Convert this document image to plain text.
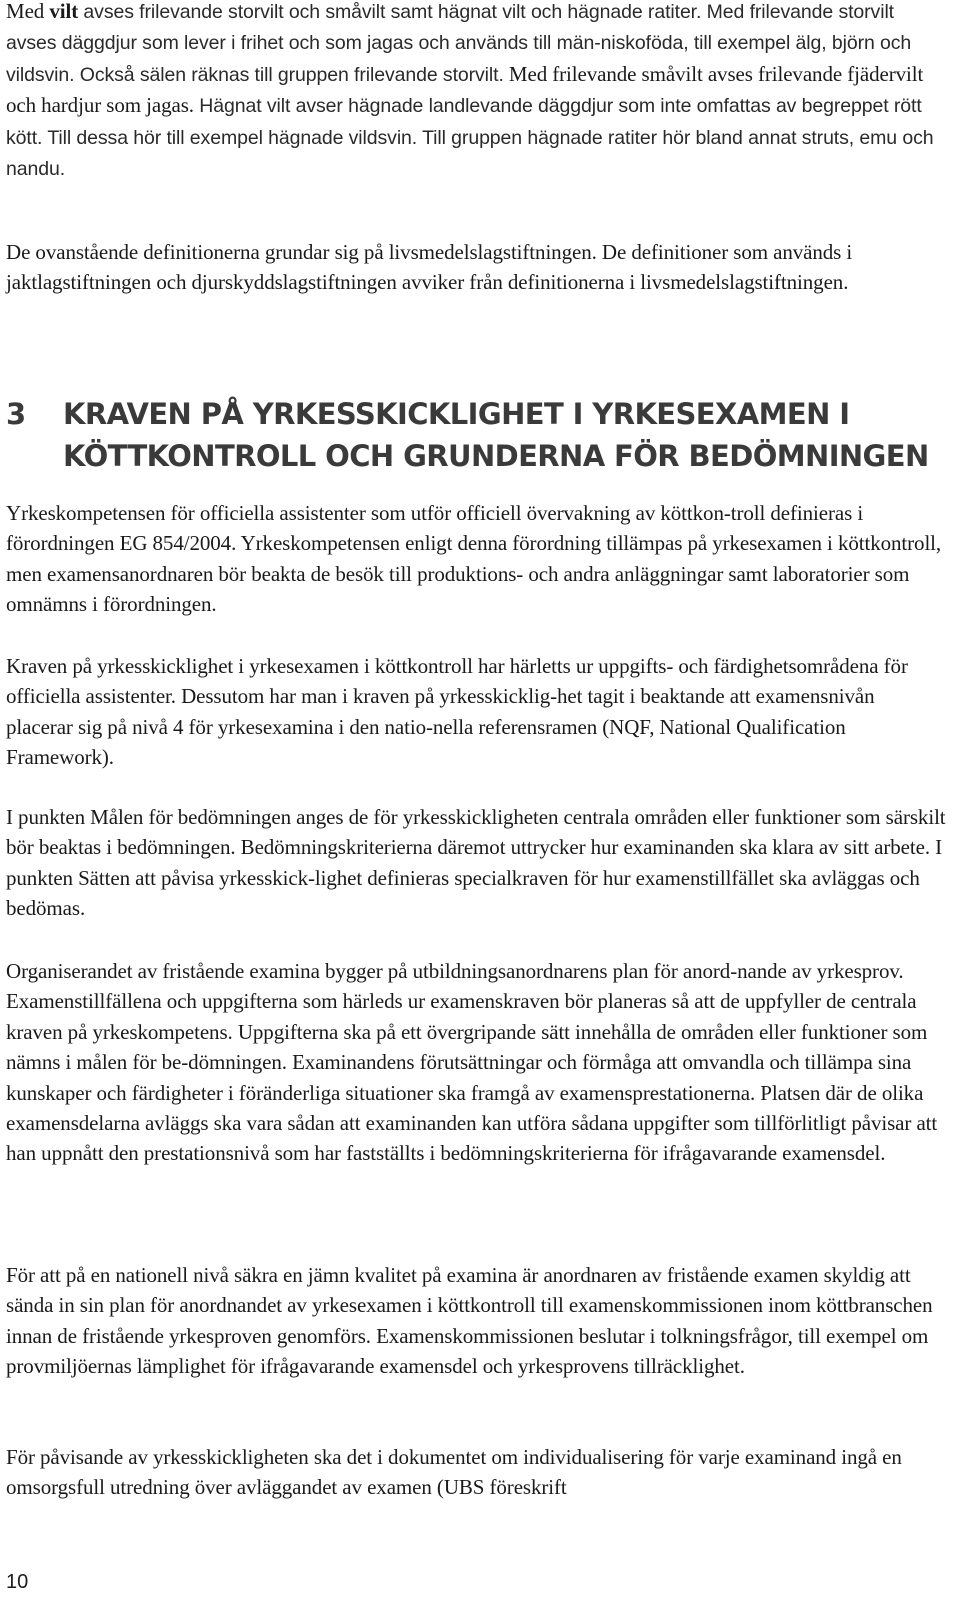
Med vilt avses frilevande storvilt och småvilt samt hägnat vilt och hägnade ratiter. Med frilevande storvilt avses däggdjur som lever i frihet och som jagas och används till män-niskoföda, till exempel älg, björn och vildsvin. Också sälen räknas till gruppen frilevande storvilt. Med frilevande småvilt avses frilevande fjädervilt och hardjur som jagas. Hägnat vilt avser hägnade landlevande däggdjur som inte omfattas av begreppet rött kött. Till dessa hör till exempel hägnade vildsvin. Till gruppen hägnade ratiter hör bland annat struts, emu och nandu.

De ovanstående definitionerna grundar sig på livsmedelslagstiftningen. De definitioner som används i jaktlagstiftningen och djurskyddslagstiftningen avviker från definitionerna i livsmedelslagstiftningen.

3 KRAVEN PÅ YRKESSKICKLIGHET I YRKESEXAMEN I KÖTTKONTROLL OCH GRUNDERNA FÖR BEDÖMNINGEN

Yrkeskompetensen för officiella assistenter som utför officiell övervakning av köttkon-troll definieras i förordningen EG 854/2004. Yrkeskompetensen enligt denna förordning tillämpas på yrkesexamen i köttkontroll, men examensanordnaren bör beakta de besök till produktions- och andra anläggningar samt laboratorier som omnämns i förordningen.

Kraven på yrkesskicklighet i yrkesexamen i köttkontroll har härletts ur uppgifts- och färdighetsområdena för officiella assistenter. Dessutom har man i kraven på yrkesskicklig-het tagit i beaktande att examensnivån placerar sig på nivå 4 för yrkesexamina i den natio-nella referensramen (NQF, National Qualification Framework).

I punkten Målen för bedömningen anges de för yrkesskickligheten centrala områden eller funktioner som särskilt bör beaktas i bedömningen. Bedömningskriterierna däremot uttrycker hur examinanden ska klara av sitt arbete. I punkten Sätten att påvisa yrkesskick-lighet definieras specialkraven för hur examenstillfället ska avläggas och bedömas.

Organiserandet av fristående examina bygger på utbildningsanordnarens plan för anord-nande av yrkesprov. Examenstillfällena och uppgifterna som härleds ur examenskraven bör planeras så att de uppfyller de centrala kraven på yrkeskompetens. Uppgifterna ska på ett övergripande sätt innehålla de områden eller funktioner som nämns i målen för be-dömningen. Examinandens förutsättningar och förmåga att omvandla och tillämpa sina kunskaper och färdigheter i föränderliga situationer ska framgå av examensprestationerna. Platsen där de olika examensdelarna avläggs ska vara sådan att examinanden kan utföra sådana uppgifter som tillförlitligt påvisar att han uppnått den prestationsnivå som har fastställts i bedömningskriterierna för ifrågavarande examensdel.

För att på en nationell nivå säkra en jämn kvalitet på examina är anordnaren av fristående examen skyldig att sända in sin plan för anordnandet av yrkesexamen i köttkontroll till examenskommissionen inom köttbranschen innan de fristående yrkesproven genomförs. Examenskommissionen beslutar i tolkningsfrågor, till exempel om provmiljöernas lämplighet för ifrågavarande examensdel och yrkesprovens tillräcklighet.

För påvisande av yrkesskickligheten ska det i dokumentet om individualisering för varje examinand ingå en omsorgsfull utredning över avläggandet av examen (UBS föreskrift

10
